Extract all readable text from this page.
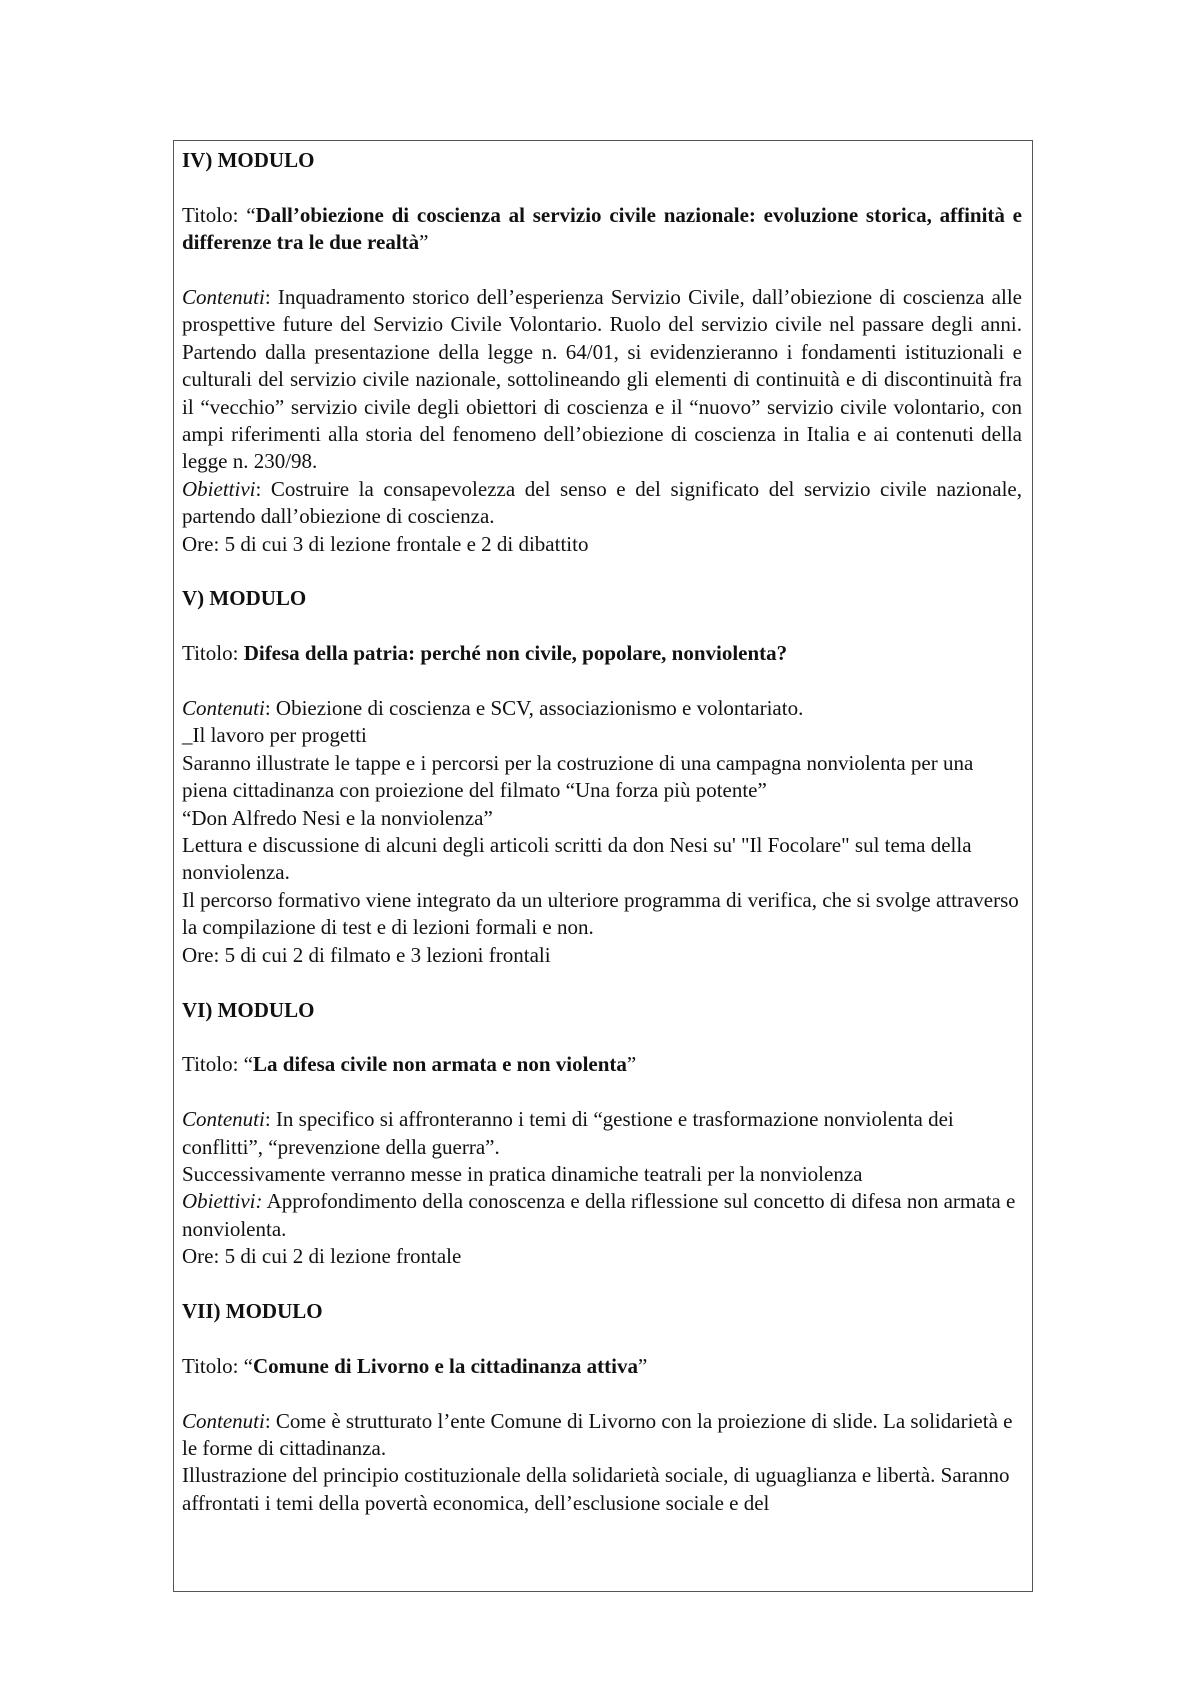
IV) MODULO

Titolo: “Dall’obiezione di coscienza al servizio civile nazionale: evoluzione storica, affinità e differenze tra le due realtà”

Contenuti: Inquadramento storico dell’esperienza Servizio Civile, dall’obiezione di coscienza alle prospettive future del Servizio Civile Volontario. Ruolo del servizio civile nel passare degli anni. Partendo dalla presentazione della legge n. 64/01, si evidenzieranno i fondamenti istituzionali e culturali del servizio civile nazionale, sottolineando gli elementi di continuità e di discontinuità fra il “vecchio” servizio civile degli obiettori di coscienza e il “nuovo” servizio civile volontario, con ampi riferimenti alla storia del fenomeno dell’obiezione di coscienza in Italia e ai contenuti della legge n. 230/98.

Obiettivi: Costruire la consapevolezza del senso e del significato del servizio civile nazionale, partendo dall’obiezione di coscienza.

Ore: 5 di cui 3 di lezione frontale e 2 di dibattito

V) MODULO

Titolo: Difesa della patria: perché non civile, popolare, nonviolenta?

Contenuti: Obiezione di coscienza e SCV, associazionismo e volontariato.

_Il lavoro per progetti

Saranno illustrate le tappe e i percorsi per la costruzione di una campagna nonviolenta per una piena cittadinanza con proiezione del filmato “Una forza più potente”

“Don Alfredo Nesi e la nonviolenza”

Lettura e discussione di alcuni degli articoli scritti da don Nesi su' "Il Focolare" sul tema della nonviolenza.

Il percorso formativo viene integrato da un ulteriore programma di verifica, che si svolge attraverso la compilazione di test e di lezioni formali e non.

Ore: 5 di cui 2 di filmato e 3 lezioni frontali

VI) MODULO

Titolo: “La difesa civile non armata e non violenta”

Contenuti: In specifico si affronteranno i temi di “gestione e trasformazione nonviolenta dei conflitti”, “prevenzione della guerra”.

Successivamente verranno messe in pratica dinamiche teatrali per la nonviolenza

Obiettivi: Approfondimento della conoscenza e della riflessione sul concetto di difesa non armata e nonviolenta.

Ore: 5 di cui 2 di lezione frontale

VII) MODULO

Titolo: “Comune di Livorno e la cittadinanza attiva”

Contenuti: Come è strutturato l’ente Comune di Livorno con la proiezione di slide. La solidarietà e le forme di cittadinanza.

Illustrazione del principio costituzionale della solidarietà sociale, di uguaglianza e libertà. Saranno affrontati i temi della povertà economica, dell’esclusione sociale e del
